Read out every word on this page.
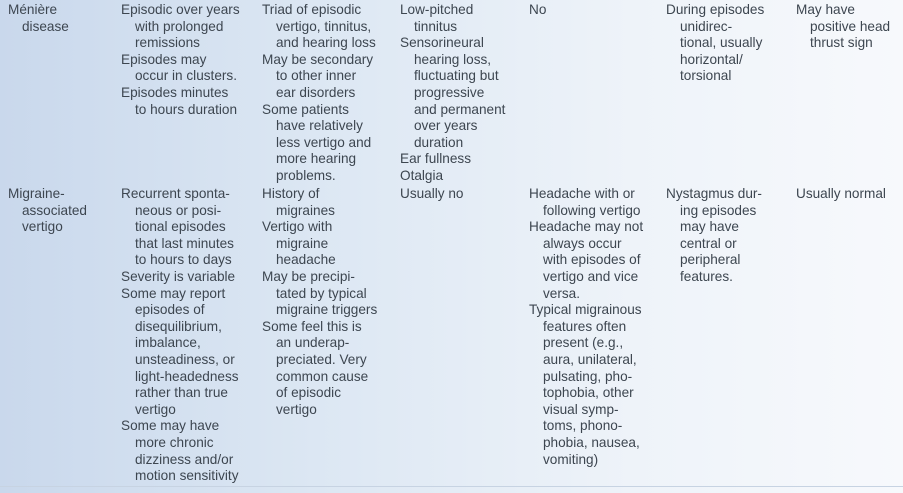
Ménière
disease
Episodic over years
with prolonged
remissions
Episodes may
occur in clusters.
Episodes minutes
to hours duration
Triad of episodic
vertigo, tinnitus,
and hearing loss
May be secondary
to other inner
ear disorders
Some patients
have relatively
less vertigo and
more hearing
problems.
Low-pitched
tinnitus
Sensorineural
hearing loss,
fluctuating but
progressive
and permanent
over years
duration
Ear fullness
Otalgia
No	During episodes
unidirec-
tional, usually
horizontal/
torsional
May have
positive head
thrust sign
Migraine-
associated
vertigo
Recurrent sponta-
neous or posi-
tional episodes
that last minutes
to hours to days
Severity is variable
Some may report
episodes of
disequilibrium,
imbalance,
unsteadiness, or
light-headedness
rather than true
vertigo
Some may have
more chronic
dizziness and/or
motion sensitivity
History of
migraines
Vertigo with
migraine
headache
May be precipi-
tated by typical
migraine triggers
Some feel this is
an underap-
preciated. Very
common cause
of episodic
vertigo
Usually no	Headache with or
following vertigo
Headache may not
always occur
with episodes of
vertigo and vice
versa.
Typical migrainous
features often
present (e.g.,
aura, unilateral,
pulsating, pho-
tophobia, other
visual symp-
toms, phono-
phobia, nausea,
vomiting)
Nystagmus dur-
ing episodes
may have
central or
peripheral
features.
Usually normal
